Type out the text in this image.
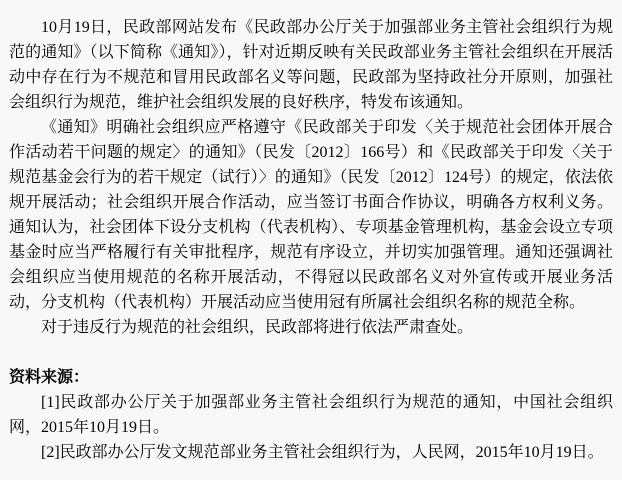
10月19日，民政部网站发布《民政部办公厅关于加强部业务主管社会组织行为规范的通知》（以下简称《通知》），针对近期反映有关民政部业务主管社会组织在开展活动中存在行为不规范和冒用民政部名义等问题，民政部为坚持政社分开原则，加强社会组织行为规范，维护社会组织发展的良好秩序，特发布该通知。

《通知》明确社会组织应严格遵守《民政部关于印发〈关于规范社会团体开展合作活动若干问题的规定〉的通知》（民发〔2012〕166号）和《民政部关于印发〈关于规范基金会行为的若干规定（试行）〉的通知》（民发〔2012〕124号）的规定，依法依规开展活动；社会组织开展合作活动，应当签订书面合作协议，明确各方权利义务。通知认为，社会团体下设分支机构（代表机构）、专项基金管理机构，基金会设立专项基金时应当严格履行有关审批程序，规范有序设立，并切实加强管理。通知还强调社会组织应当使用规范的名称开展活动，不得冠以民政部名义对外宣传或开展业务活动，分支机构（代表机构）开展活动应当使用冠有所属社会组织名称的规范全称。

对于违反行为规范的社会组织，民政部将进行依法严肃查处。

资料来源：

[1]民政部办公厅关于加强部业务主管社会组织行为规范的通知，中国社会组织网，2015年10月19日。

[2]民政部办公厅发文规范部业务主管社会组织行为，人民网，2015年10月19日。
